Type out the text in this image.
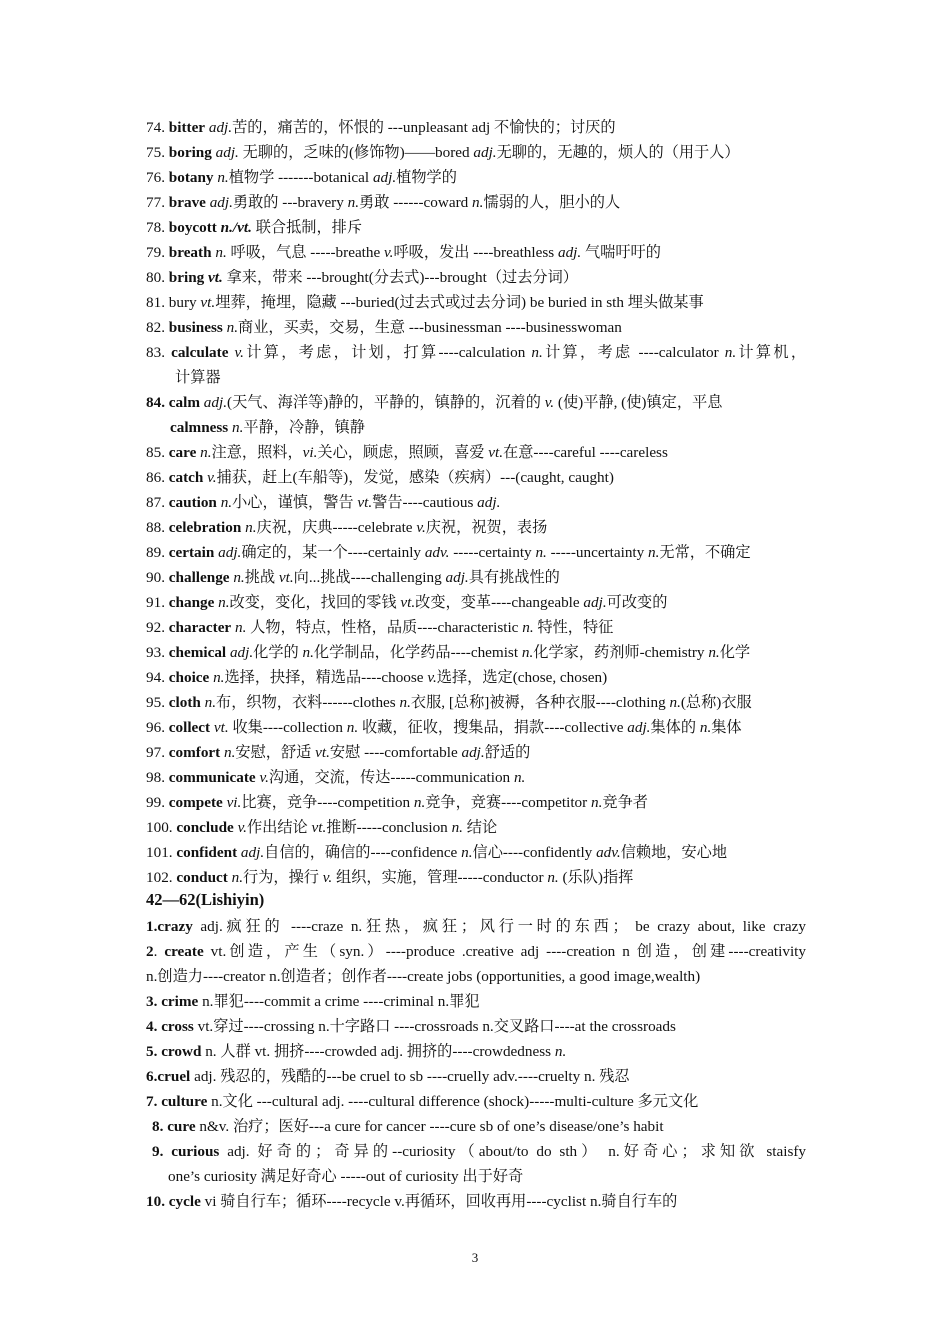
74. bitter adj.苦的，痛苦的，怀恨的 ---unpleasant adj 不愉快的；讨厌的
75. boring adj. 无聊的，乏味的(修饰物)——bored adj.无聊的，无趣的，烦人的（用于人）
76. botany n.植物学 -------botanical adj.植物学的
77. brave adj.勇敢的 ---bravery n.勇敢 ------coward n.懦弱的人，胆小的人
78. boycott n./vt. 联合抵制，排斥
79. breath n. 呼吸，气息 -----breathe v.呼吸，发出 ----breathless adj. 气喘吁吁的
80. bring vt. 拿来，带来 ---brought(分去式)---brought（过去分词）
81. bury vt.埋葬，掩埋，隐藏 ---buried(过去式或过去分词) be buried in sth 埋头做某事
82. business n.商业，买卖，交易，生意 ---businessman ----businesswoman
83. calculate v.计算，考虑，计划，打算----calculation n.计算，考虑 ----calculator n.计算机，
计算器
84. calm adj.(天气、海洋等)静的，平静的，镇静的，沉着的 v. (使)平静, (使)镇定，平息
calmness n.平静，冷静，镇静
85. care n.注意，照料，vi.关心，顾虑，照顾，喜爱 vt.在意----careful ----careless
86. catch v.捕获，赶上(车船等)，发觉，感染（疾病）---(caught, caught)
87. caution n.小心，谨慎，警告 vt.警告----cautious adj.
88. celebration n.庆祝，庆典-----celebrate v.庆祝，祝贺，表扬
89. certain adj.确定的，某一个----certainly adv. -----certainty n. -----uncertainty n.无常，不确定
90. challenge n.挑战 vt.向...挑战----challenging adj.具有挑战性的
91. change n.改变，变化，找回的零钱 vt.改变，变革----changeable adj.可改变的
92. character n. 人物，特点，性格，品质----characteristic n. 特性，特征
93. chemical adj.化学的 n.化学制品，化学药品----chemist n.化学家，药剂师-chemistry n.化学
94. choice n.选择，抉择，精选品----choose v.选择，选定(chose, chosen)
95. cloth n.布，织物，衣料------clothes n.衣服, [总称]被褥，各种衣服----clothing n.(总称)衣服
96. collect vt. 收集----collection n. 收藏，征收，搜集品，捐款----collective adj.集体的 n.集体
97. comfort n.安慰，舒适 vt.安慰 ----comfortable adj.舒适的
98. communicate v.沟通，交流，传达-----communication n.
99. compete vi.比赛，竞争----competition n.竞争，竞赛----competitor n.竞争者
100. conclude v.作出结论 vt.推断-----conclusion n. 结论
101. confident adj.自信的，确信的----confidence n.信心----confidently adv.信赖地，安心地
102. conduct n.行为，操行 v. 组织，实施，管理-----conductor n. (乐队)指挥
42—62(Lishiyin)
1.crazy adj.疯狂的 ----craze n.狂热，疯狂；风行一时的东西； be crazy about, like crazy
2. create vt.创造，产生（syn.）----produce .creative adj ----creation n 创造，创建----creativity
n.创造力----creator n.创造者；创作者----create jobs (opportunities, a good image,wealth)
3. crime n.罪犯----commit a crime ----criminal n.罪犯
4. cross vt.穿过----crossing n.十字路口 ----crossroads n.交叉路口----at the crossroads
5. crowd n. 人群 vt. 拥挤----crowded adj. 拥挤的----crowdedness n.
6.cruel adj. 残忍的，残酷的---be cruel to sb ----cruelly adv.----cruelty n. 残忍
7. culture n.文化 ---cultural adj. ----cultural difference (shock)-----multi-culture 多元文化
8. cure n&v. 治疗；医好---a cure for cancer ----cure sb of one’s disease/one’s habit
9. curious adj. 好奇的；奇异的--curiosity（about/to do sth） n.好奇心；求知欲 staisfy
one’s curiosity 满足好奇心 -----out of curiosity 出于好奇
10. cycle vi 骑自行车；循环----recycle v.再循环，回收再用----cyclist n.骑自行车的
3
